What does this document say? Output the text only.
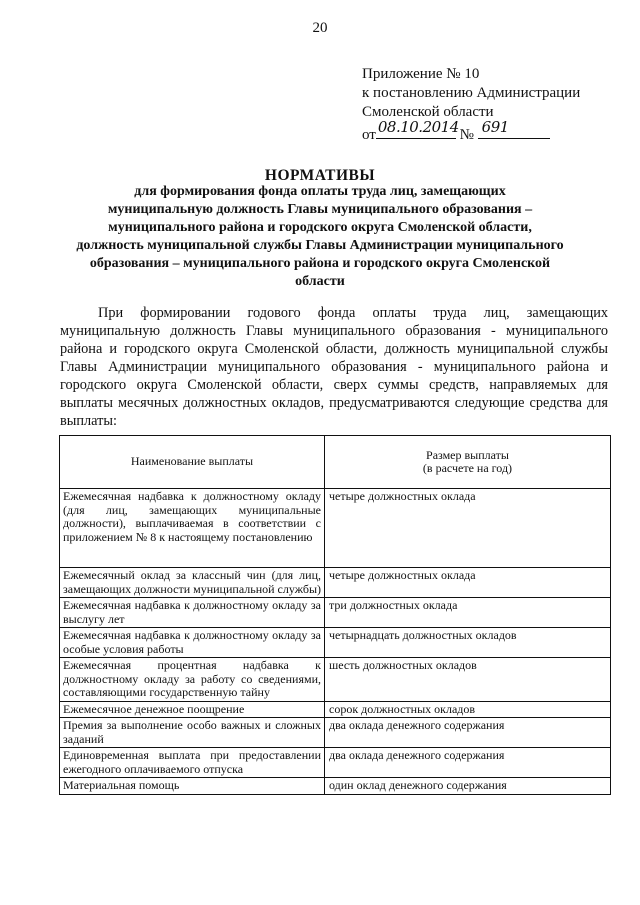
20
Приложение № 10
к постановлению Администрации
Смоленской области
от 08.10.2014 № 691
НОРМАТИВЫ
для формирования фонда оплаты труда лиц, замещающих
муниципальную должность Главы муниципального образования –
муниципального района и городского округа Смоленской области,
должность муниципальной службы Главы Администрации муниципального
образования – муниципального района и городского округа Смоленской
области
При формировании годового фонда оплаты труда лиц, замещающих муниципальную должность Главы муниципального образования - муниципального района и городского округа Смоленской области, должность муниципальной службы Главы Администрации муниципального образования - муниципального района и городского округа Смоленской области, сверх суммы средств, направляемых для выплаты месячных должностных окладов, предусматриваются следующие средства для выплаты:
Наименование выплаты	Размер выплаты
(в расчете на год)

Ежемесячная надбавка к должностному окладу (для лиц, замещающих муниципальные должности), выплачиваемая в соответствии с приложением № 8 к настоящему постановлению	четыре должностных оклада
Ежемесячный оклад за классный чин (для лиц, замещающих должности муниципальной службы)	четыре должностных оклада
Ежемесячная надбавка к должностному окладу за выслугу лет	три должностных оклада
Ежемесячная надбавка к должностному окладу за особые условия работы	четырнадцать должностных окладов
Ежемесячная процентная надбавка к должностному окладу за работу со сведениями, составляющими государственную тайну	шесть должностных окладов
Ежемесячное денежное поощрение	сорок должностных окладов
Премия за выполнение особо важных и сложных заданий	два оклада денежного содержания
Единовременная выплата при предоставлении ежегодного оплачиваемого отпуска	два оклада денежного содержания
Материальная помощь	один оклад денежного содержания
